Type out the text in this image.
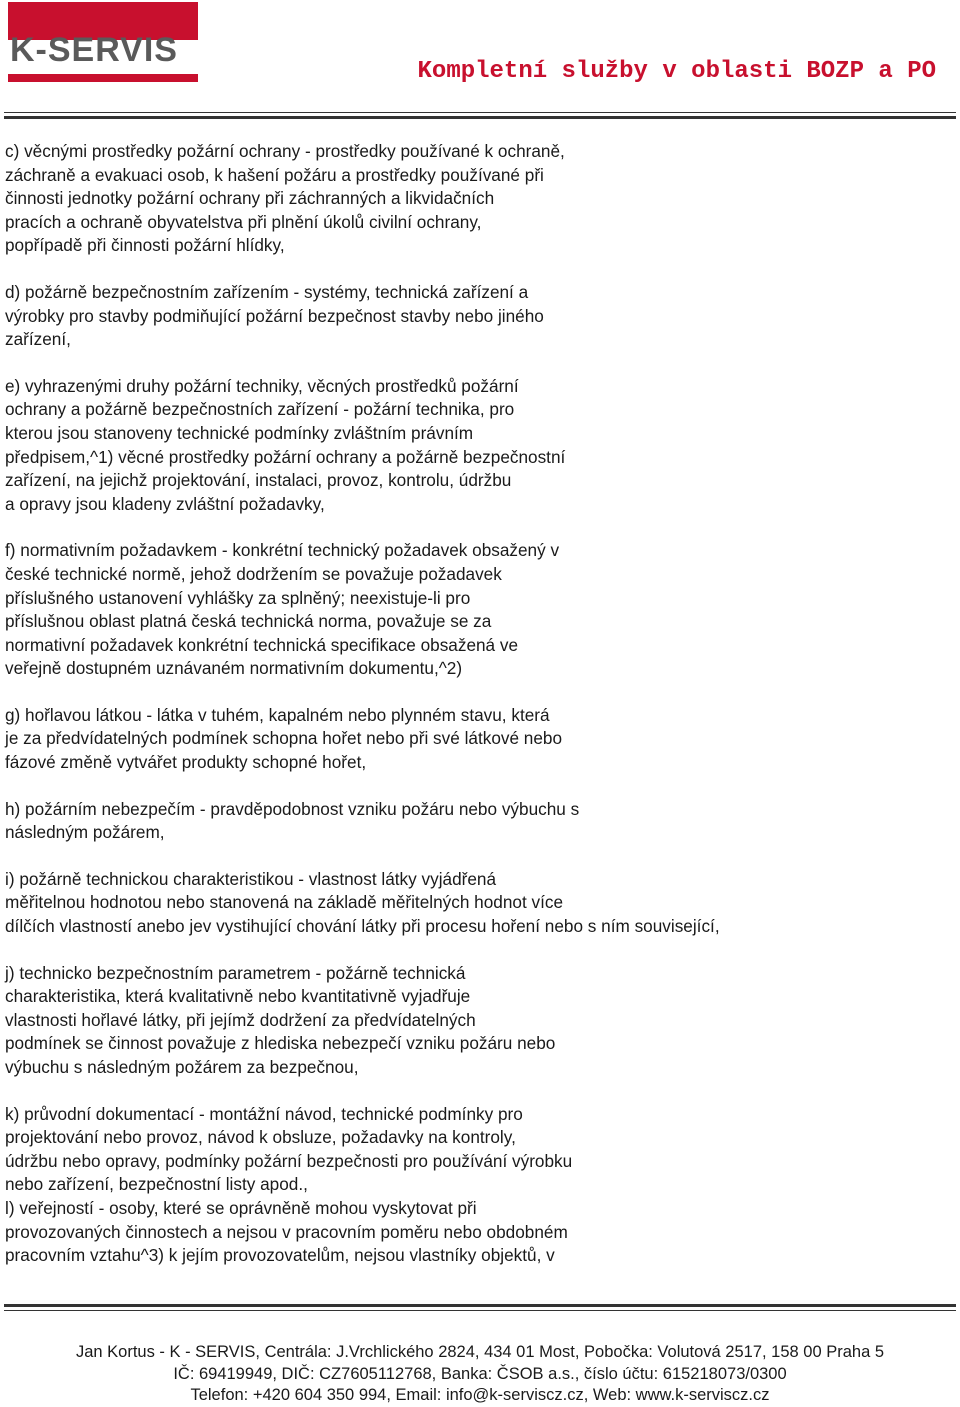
K-SERVIS
Kompletní služby v oblasti BOZP a PO

c) věcnými prostředky požární ochrany - prostředky používané k ochraně,
záchraně a evakuaci osob, k hašení požáru a prostředky používané při
činnosti jednotky požární ochrany při záchranných a likvidačních
pracích a ochraně obyvatelstva při plnění úkolů civilní ochrany,
popřípadě při činnosti požární hlídky,

d) požárně bezpečnostním zařízením - systémy, technická zařízení a
výrobky pro stavby podmiňující požární bezpečnost stavby nebo jiného
zařízení,

e) vyhrazenými druhy požární techniky, věcných prostředků požární
ochrany a požárně bezpečnostních zařízení - požární technika, pro
kterou jsou stanoveny technické podmínky zvláštním právním
předpisem,^1) věcné prostředky požární ochrany a požárně bezpečnostní
zařízení, na jejichž projektování, instalaci, provoz, kontrolu, údržbu
a opravy jsou kladeny zvláštní požadavky,

f) normativním požadavkem - konkrétní technický požadavek obsažený v
české technické normě, jehož dodržením se považuje požadavek
příslušného ustanovení vyhlášky za splněný; neexistuje-li pro
příslušnou oblast platná česká technická norma, považuje se za
normativní požadavek konkrétní technická specifikace obsažená ve
veřejně dostupném uznávaném normativním dokumentu,^2)

g) hořlavou látkou - látka v tuhém, kapalném nebo plynném stavu, která
je za předvídatelných podmínek schopna hořet nebo při své látkové nebo
fázové změně vytvářet produkty schopné hořet,

h) požárním nebezpečím - pravděpodobnost vzniku požáru nebo výbuchu s
následným požárem,

i) požárně technickou charakteristikou - vlastnost látky vyjádřená
měřitelnou hodnotou nebo stanovená na základě měřitelných hodnot více
dílčích vlastností anebo jev vystihující chování látky při procesu hoření nebo s ním související,

j) technicko bezpečnostním parametrem - požárně technická
charakteristika, která kvalitativně nebo kvantitativně vyjadřuje
vlastnosti hořlavé látky, při jejímž dodržení za předvídatelných
podmínek se činnost považuje z hlediska nebezpečí vzniku požáru nebo
výbuchu s následným požárem za bezpečnou,

k) průvodní dokumentací - montážní návod, technické podmínky pro
projektování nebo provoz, návod k obsluze, požadavky na kontroly,
údržbu nebo opravy, podmínky požární bezpečnosti pro používání výrobku
nebo zařízení, bezpečnostní listy apod.,

l) veřejností - osoby, které se oprávněně mohou vyskytovat při
provozovaných činnostech a nejsou v pracovním poměru nebo obdobném
pracovním vztahu^3) k jejím provozovatelům, nejsou vlastníky objektů, v

Jan Kortus - K - SERVIS, Centrála: J.Vrchlického 2824, 434 01 Most, Pobočka: Volutová 2517, 158 00 Praha 5
IČ: 69419949, DIČ: CZ7605112768, Banka: ČSOB a.s., číslo účtu: 615218073/0300
Telefon: +420 604 350 994, Email: info@k-serviscz.cz, Web: www.k-serviscz.cz
